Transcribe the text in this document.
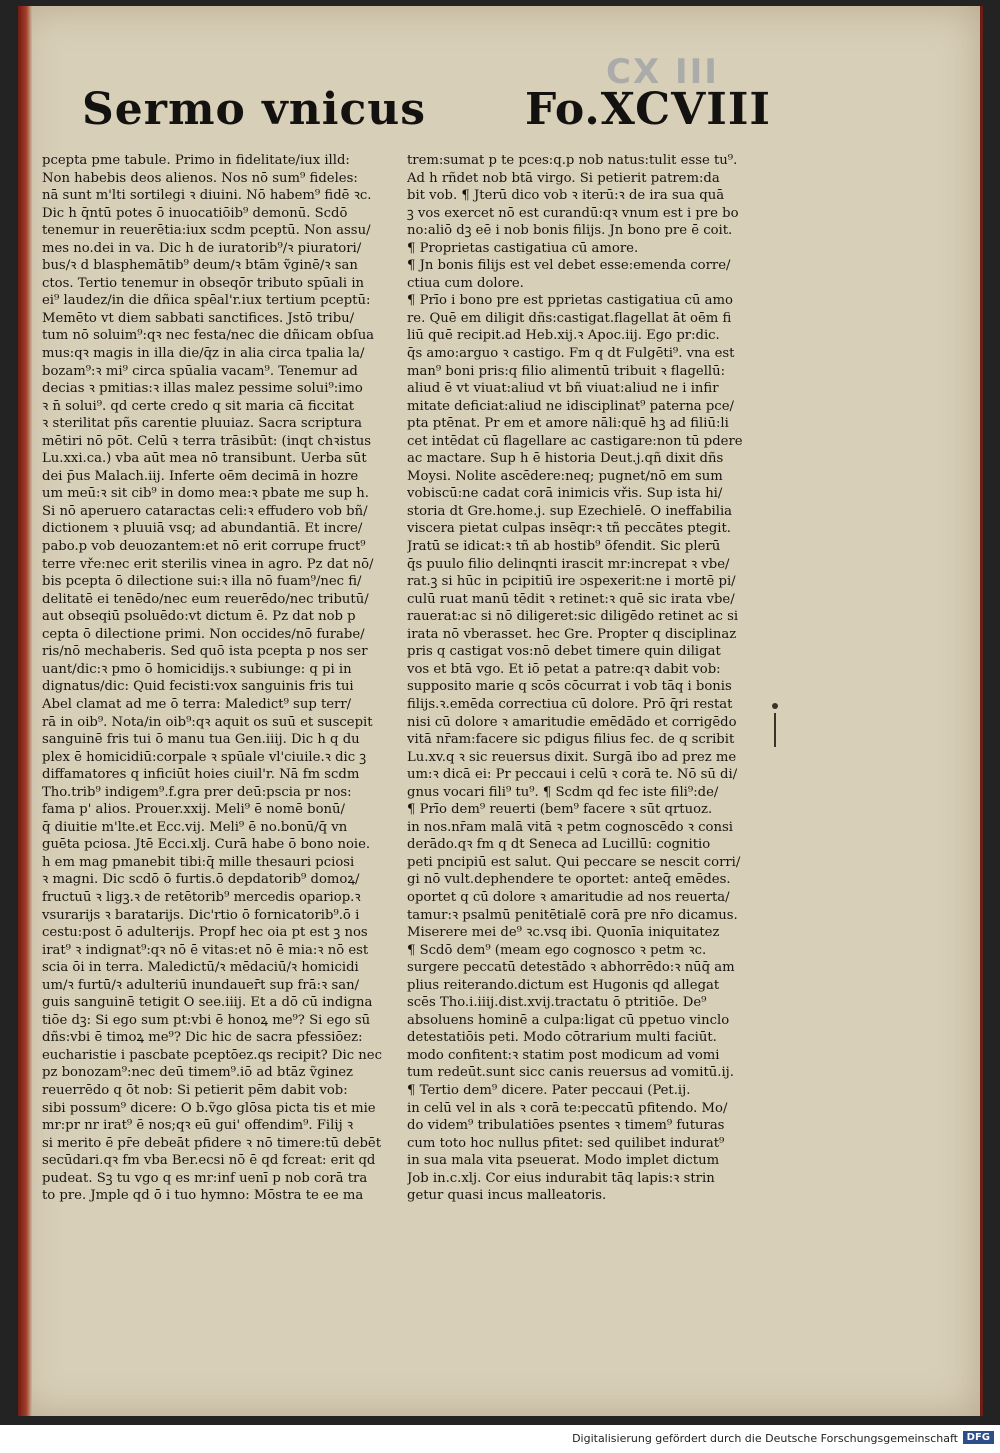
CX III
Sermo vnicus Fo.XCVIII
pcepta pme tabule. Primo in fidelitate/iux illd:
Non habebis deos alienos. Nos nō sum⁹ fideles:
nā sunt m'lti sortilegi ꝛ diuini. Nō habem⁹ fidē ꝛc.
Dic h q̄ntū potes ō inuocatiōib⁹ demonū. Scdō
tenemur in reuerētia:iux scdm pceptū. Non assu/
mes no.dei in va. Dic h de iuratorib⁹/ꝛ piuratori/
bus/ꝛ d blasphemātib⁹ deum/ꝛ btām ṽginē/ꝛ san
ctos. Tertio tenemur in obseqōr tributo spūali in
ei⁹ laudez/in die dñica spēal'r.iux tertium pceptū:
Memēto vt diem sabbati sanctifices. Jstō tribu/
tum nō soluim⁹:qꝛ nec festa/nec die dñicam obſua
mus:qꝛ magis in illa die/q̄z in alia circa tpalia la/
bozam⁹:ꝛ mi⁹ circa spūalia vacam⁹. Tenemur ad
decias ꝛ pmitias:ꝛ illas malez pessime solui⁹:imo
ꝛ n̄ solui⁹. qd certe credo q sit maria cā ficcitat
ꝛ sterilitat pñs carentie pluuiaz. Sacra scriptura
mētiri nō pōt. Celū ꝛ terra trāsibūt: (inqt chꝛistus
Lu.xxi.ca.) vba aūt mea nō transibunt. Uerba sūt
dei p̄us Malach.iij. Inferte oēm decimā in hozre
um meū:ꝛ sit cib⁹ in domo mea:ꝛ pbate me sup h.
Si nō aperuero cataractas celi:ꝛ effudero vob bñ/
dictionem ꝛ pluuiā vsq; ad abundantiā. Et incre/
pabo.p vob deuozantem:et nō erit corrupe fruct⁹
terre vře:nec erit sterilis vinea in agro. Pz dat nō/
bis pcepta ō dilectione sui:ꝛ illa nō fuam⁹/nec fi/
delitatē ei tenēdo/nec eum reuerēdo/nec tributū/
aut obseqiū psoluēdo:vt dictum ē. Pz dat nob p
cepta ō dilectione primi. Non occides/nō furabe/
ris/nō mechaberis. Sed quō ista pcepta p nos ser
uant/dic:ꝛ pmo ō homicidijs.ꝛ subiunge: q pi in
dignatus/dic: Quid fecisti:vox sanguinis fris tui
Abel clamat ad me ō terra: Maledict⁹ sup terr/
rā in oib⁹. Nota/in oib⁹:qꝛ aquit os suū et suscepit
sanguinē fris tui ō manu tua Gen.iiij. Dic h q du
plex ē homicidiū:corpale ꝛ spūale vl'ciuile.ꝛ dic ꝫ
diffamatores q inficiūt hoies ciuil'r. Nā fm scdm
Tho.trib⁹ indigem⁹.f.gra prer deū:pscia pr nos:
fama p' alios. Prouer.xxij. Meli⁹ ē nomē bonū/
q̄ diuitie m'lte.et Ecc.vij. Meli⁹ ē no.bonū/q̄ vn
guēta pciosa. Jtē Ecci.xlj. Curā habe ō bono noie.
h em mag pmanebit tibi:q̄ mille thesauri pciosi
ꝛ magni. Dic scdō ō furtis.ō depdatorib⁹ domoꝝ/
fructuū ꝛ ligꝫ.ꝛ de retētorib⁹ mercedis opariop.ꝛ
vsurarijs ꝛ baratarijs. Dic'rtio ō fornicatorib⁹.ō i
cestu:post ō adulterijs. Propf hec oia pt est ꝫ nos
irat⁹ ꝛ indignat⁹:qꝛ nō ē vitas:et nō ē mia:ꝛ nō est
scia ōi in terra. Maledictū/ꝛ mēdaciū/ꝛ homicidi
um/ꝛ furtū/ꝛ adulteriū inundauer̄t sup frā:ꝛ san/
guis sanguinē tetigit O see.iiij. Et a dō cū indigna
tiōe dꝫ: Si ego sum pt:vbi ē honoꝝ me⁹? Si ego sū
dñs:vbi ē timoꝝ me⁹? Dic hic de sacra pfessiōez:
eucharistie i pascbate pceptōez.qs recipit? Dic nec
pz bonozam⁹:nec deū timem⁹.iō ad btāz ṽginez
reuerrēdo q ōt nob: Si petierit pēm dabit vob:
sibi possum⁹ dicere: O b.ṽgo glōsa picta tis et mie
mr:pr nr irat⁹ ē nos;qꝛ eū gui' offendim⁹. Filij ꝛ
si merito ē pr̄e debeāt pfidere ꝛ nō timere:tū debēt
secūdari.qꝛ fm vba Ber.ecsi nō ē qd fcreat: erit qd
pudeat. Sꝫ tu vgo q es mr:inf uenī p nob corā tra
to pre. Jmple qd ō i tuo hymno: Mōstra te ee ma
trem:sumat p te pces:q.p nob natus:tulit esse tu⁹.
Ad h rñdet nob btā virgo. Si petierit patrem:da
bit vob. ¶ Jterū dico vob ꝛ iterū:ꝛ de ira sua quā
ꝫ vos exercet nō est curandū:qꝛ vnum est i pre bo
no:aliō dꝫ eē i nob bonis filijs. Jn bono pre ē coit.
¶ Proprietas castigatiua cū amore.
¶ Jn bonis filijs est vel debet esse:emenda corre/
ctiua cum dolore.
¶ Prīo i bono pre est pprietas castigatiua cū amo
re. Quē em diligit dñs:castigat.flagellat āt oēm fi
liū quē recipit.ad Heb.xij.ꝛ Apoc.iij. Ego pr:dic.
q̄s amo:arguo ꝛ castigo. Fm q dt Fulgēti⁹. vna est
man⁹ boni pris:q filio alimentū tribuit ꝛ flagellū:
aliud ē vt viuat:aliud vt bñ viuat:aliud ne i infir
mitate deficiat:aliud ne idisciplinat⁹ paterna pce/
pta ptēnat. Pr em et amore nāli:quē hꝫ ad filiū:li
cet intēdat cū flagellare ac castigare:non tū pdere
ac mactare. Sup h ē historia Deut.j.qñ dixit dñs
Moysi. Nolite ascēdere:neq; pugnet/nō em sum
vobiscū:ne cadat corā inimicis vřis. Sup ista hi/
storia dt Gre.home.j. sup Ezechielē. O ineffabilia
viscera pietat culpas insēqr:ꝛ tñ peccātes ptegit.
Jratū se idicat:ꝛ tñ ab hostib⁹ ōfendit. Sic plerū
q̄s puulo filio delinqnti irascit mr:increpat ꝛ vbe/
rat.ꝫ si hūc in pcipitiū ire ɔspexerit:ne i mortē pi/
culū ruat manū tēdit ꝛ retinet:ꝛ quē sic irata vbe/
rauerat:ac si nō diligeret:sic diligēdo retinet ac si
irata nō vberasset. hec Gre. Propter q disciplinaz
pris q castigat vos:nō debet timere quin diligat
vos et btā vgo. Et iō petat a patre:qꝛ dabit vob:
supposito marie q scōs cōcurrat i vob tāq i bonis
filijs.ꝛ.emēda correctiua cū dolore. Prō q̄ri restat
nisi cū dolore ꝛ amaritudie emēdādo et corrigēdo
vitā nr̄am:facere sic pdigus filius fec. de q scribit
Lu.xv.q ꝛ sic reuersus dixit. Surgā ibo ad prez me
um:ꝛ dicā ei: Pr peccaui i celū ꝛ corā te. Nō sū di/
gnus vocari fili⁹ tu⁹. ¶ Scdm qd fec iste fili⁹:de/
¶ Prīo dem⁹ reuerti (bem⁹ facere ꝛ sūt qrtuoz.
in nos.nr̄am malā vitā ꝛ petm cognoscēdo ꝛ consi
derādo.qꝛ fm q dt Seneca ad Lucillū: cognitio
peti pncipiū est salut. Qui peccare se nescit corri/
gi nō vult.dephendere te oportet: anteq̄ emēdes.
oportet q cū dolore ꝛ amaritudie ad nos reuerta/
tamur:ꝛ psalmū penitētialē corā pre nr̄o dicamus.
Miserere mei de⁹ ꝛc.vsq ibi. Quonīa iniquitatez
¶ Scdō dem⁹ (meam ego cognosco ꝛ petm ꝛc.
surgere peccatū detestādo ꝛ abhorrēdo:ꝛ nūq̄ am
plius reiterando.dictum est Hugonis qd allegat
scēs Tho.i.iiij.dist.xvij.tractatu ō ptritiōe. De⁹
absoluens hominē a culpa:ligat cū ppetuo vinclo
detestatiōis peti. Modo cōtrarium multi faciūt.
modo confitent:ꝛ statim post modicum ad vomi
tum redeūt.sunt sicc canis reuersus ad vomitū.ij.
¶ Tertio dem⁹ dicere. Pater peccaui (Pet.ij.
in celū vel in als ꝛ corā te:peccatū pfitendo. Mo/
do videm⁹ tribulatiōes psentes ꝛ timem⁹ futuras
cum toto hoc nullus pfitet: sed quilibet indurat⁹
in sua mala vita pseuerat. Modo implet dictum
Job in.c.xlj. Cor eius indurabit tāq lapis:ꝛ strin
getur quasi incus malleatoris.
Digitalisierung gefördert durch die Deutsche Forschungsgemeinschaft DFG
